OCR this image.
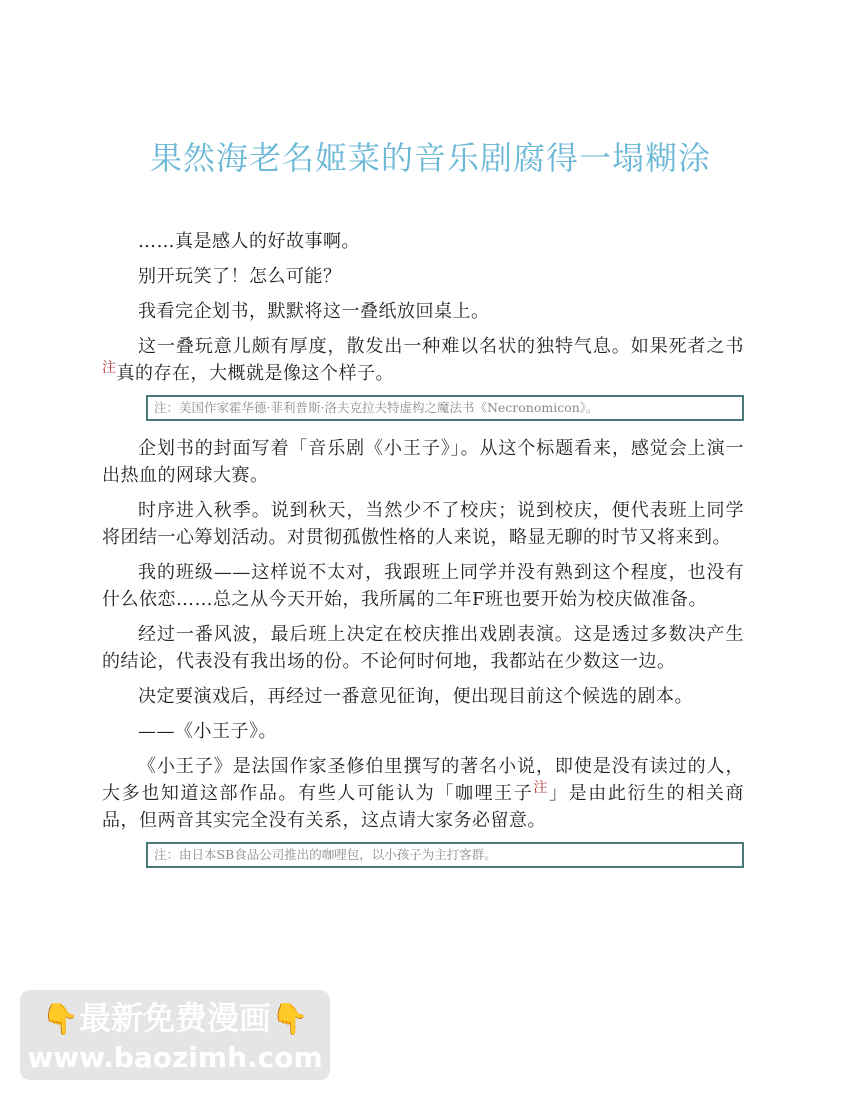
果然海老名姬菜的音乐剧腐得一塌糊涂

……真是感人的好故事啊。

别开玩笑了！怎么可能？

我看完企划书，默默将这一叠纸放回桌上。

这一叠玩意儿颇有厚度，散发出一种难以名状的独特气息。如果死者之书$^注$真的存在，大概就是像这个样子。

注：美国作家霍华德·菲利普斯·洛夫克拉夫特虚构之魔法书《Necronomicon》。

企划书的封面写着「音乐剧《小王子》」。从这个标题看来，感觉会上演一出热血的网球大赛。

时序进入秋季。说到秋天，当然少不了校庆；说到校庆，便代表班上同学将团结一心筹划活动。对贯彻孤傲性格的人来说，略显无聊的时节又将来到。

我的班级——这样说不太对，我跟班上同学并没有熟到这个程度，也没有什么依恋……总之从今天开始，我所属的二年F班也要开始为校庆做准备。

经过一番风波，最后班上决定在校庆推出戏剧表演。这是透过多数决产生的结论，代表没有我出场的份。不论何时何地，我都站在少数这一边。

决定要演戏后，再经过一番意见征询，便出现目前这个候选的剧本。

——《小王子》。

《小王子》是法国作家圣修伯里撰写的著名小说，即使是没有读过的人，大多也知道这部作品。有些人可能认为「咖哩王子$^注$」是由此衍生的相关商品，但两音其实完全没有关系，这点请大家务必留意。

注：由日本SB食品公司推出的咖哩包，以小孩子为主打客群。
👇最新免费漫画👇
www.baozimh.com
